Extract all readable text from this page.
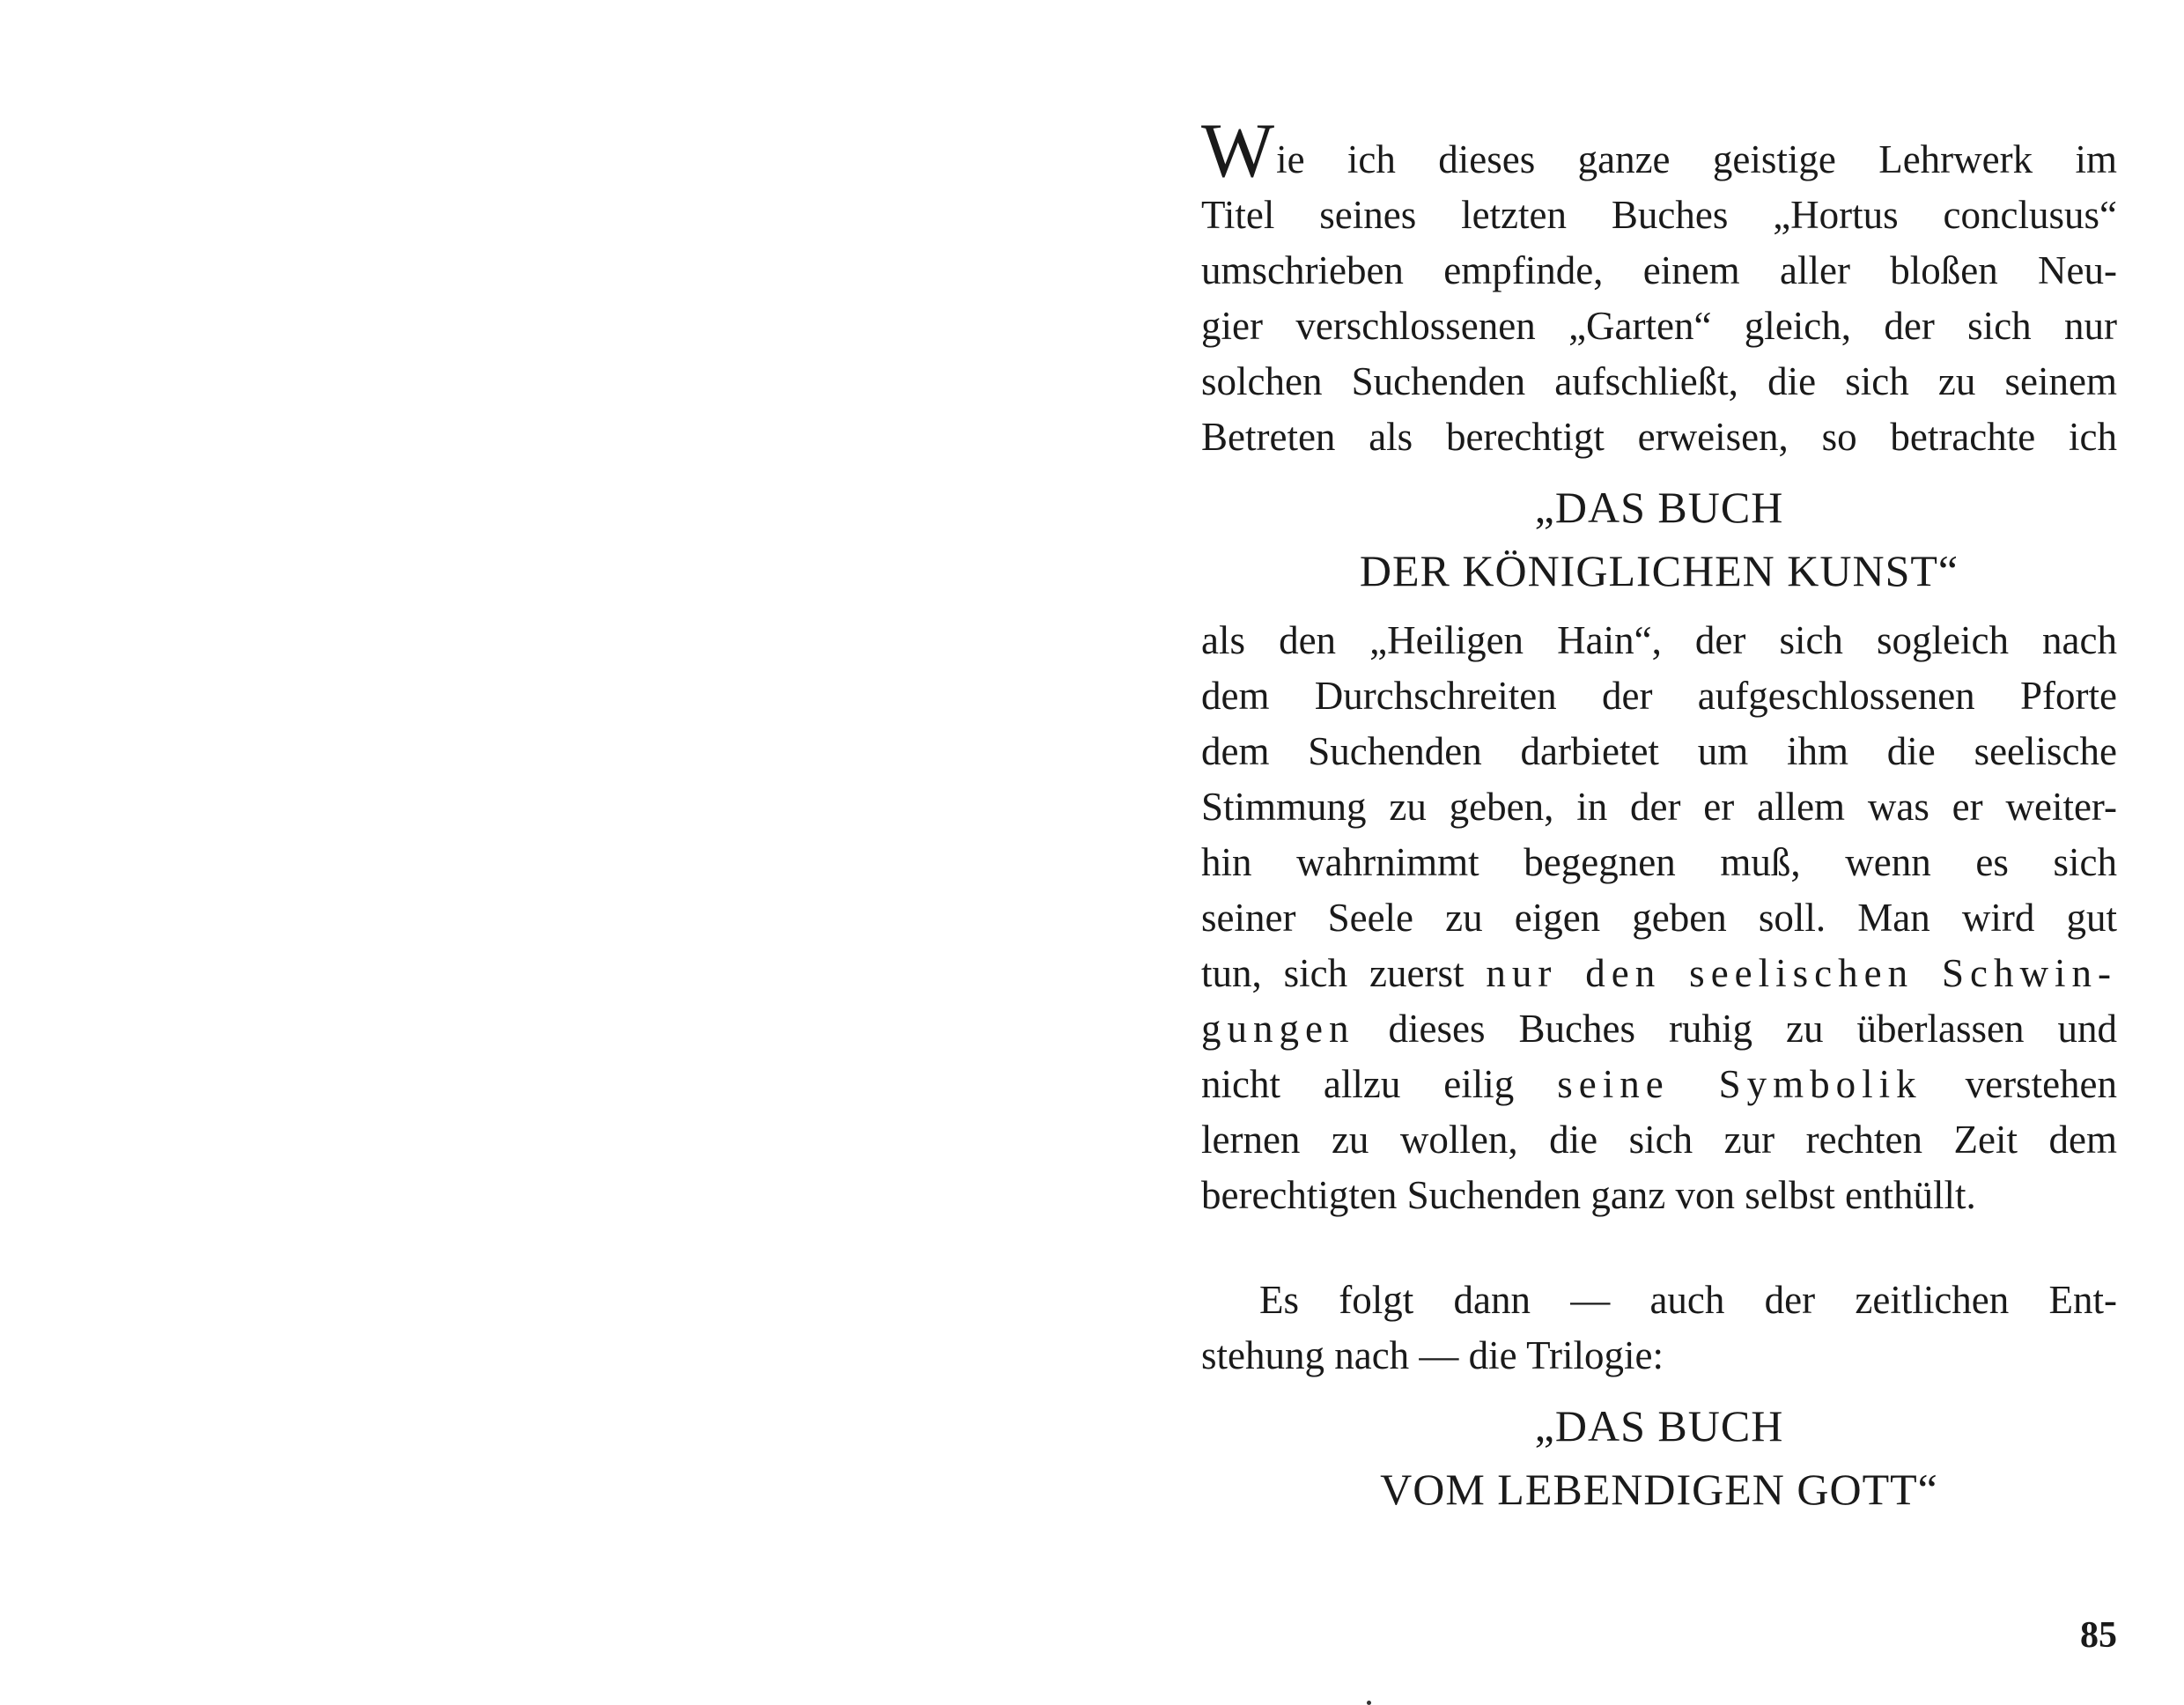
Wie ich dieses ganze geistige Lehrwerk im
Titel seines letzten Buches „Hortus conclusus“
umschrieben empfinde, einem aller bloßen Neu-
gier verschlossenen „Garten“ gleich, der sich nur
solchen Suchenden aufschließt, die sich zu seinem
Betreten als berechtigt erweisen, so betrachte ich
„DAS BUCH
DER KÖNIGLICHEN KUNST“
als den „Heiligen Hain“, der sich sogleich nach
dem Durchschreiten der aufgeschlossenen Pforte
dem Suchenden darbietet um ihm die seelische
Stimmung zu geben, in der er allem was er weiter-
hin wahrnimmt begegnen muß, wenn es sich
seiner Seele zu eigen geben soll. Man wird gut
tun, sich zuerst nur den seelischen Schwin-
gungen dieses Buches ruhig zu überlassen und
nicht allzu eilig seine Symbolik verstehen
lernen zu wollen, die sich zur rechten Zeit dem
berechtigten Suchenden ganz von selbst enthüllt.
Es folgt dann — auch der zeitlichen Ent-
stehung nach — die Trilogie:
„DAS BUCH
VOM LEBENDIGEN GOTT“
85
